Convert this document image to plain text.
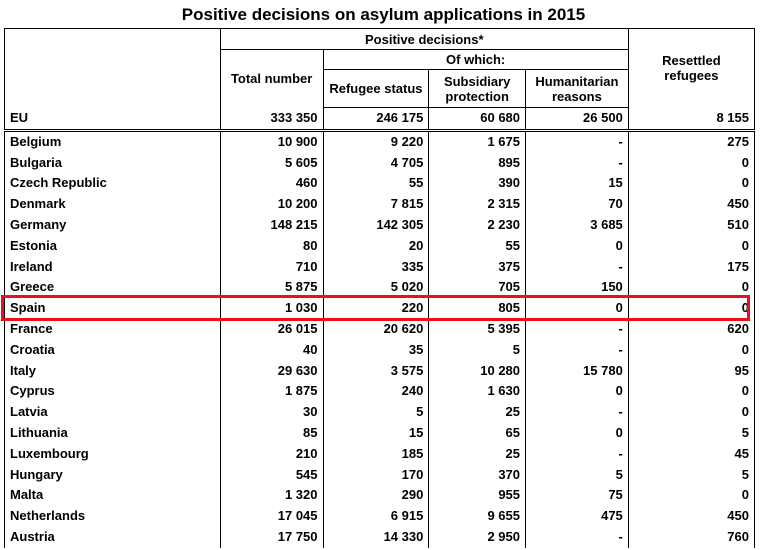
Positive decisions on asylum applications in 2015
	Positive decisions*				Resettled refugees
	Total number	Of which:			
		Refugee status	Subsidiary protection	Humanitarian reasons	
EU	333 350	246 175	60 680	26 500	8 155
Belgium	10 900	9 220	1 675	-	275
Bulgaria	5 605	4 705	895	-	0
Czech Republic	460	55	390	15	0
Denmark	10 200	7 815	2 315	70	450
Germany	148 215	142 305	2 230	3 685	510
Estonia	80	20	55	0	0
Ireland	710	335	375	-	175
Greece	5 875	5 020	705	150	0
Spain	1 030	220	805	0	0
France	26 015	20 620	5 395	-	620
Croatia	40	35	5	-	0
Italy	29 630	3 575	10 280	15 780	95
Cyprus	1 875	240	1 630	0	0
Latvia	30	5	25	-	0
Lithuania	85	15	65	0	5
Luxembourg	210	185	25	-	45
Hungary	545	170	370	5	5
Malta	1 320	290	955	75	0
Netherlands	17 045	6 915	9 655	475	450
Austria	17 750	14 330	2 950	-	760
